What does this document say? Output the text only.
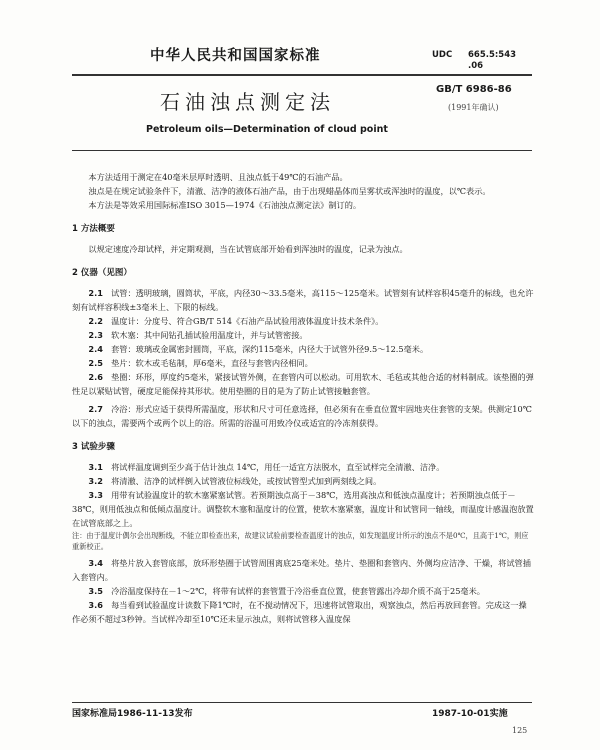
中华人民共和国国家标准	UDC 665.5:543
.06
石油浊点测定法
GB/T 6986-86
(1991年确认)
Petroleum oils—Determination of cloud point

本方法适用于测定在40毫米层厚时透明、且浊点低于49℃的石油产品。

浊点是在规定试验条件下，清澈、洁净的液体石油产品，由于出现蜡晶体而呈雾状或浑浊时的温度，以℃表示。

本方法是等效采用国际标准ISO 3015—1974《石油浊点测定法》制订的。

1 方法概要

以规定速度冷却试样，并定期观测，当在试管底部开始看到浑浊时的温度，记录为浊点。

2 仪器（见图）

2.1　 试管：透明玻璃，圆筒状，平底，内径30～33.5毫米，高115～125毫米。试管刻有试样容积45毫升的标线，也允许刻有试样容积线±3毫米上、下限的标线。

2.2　 温度计：分度号、符合GB/T 514《石油产品试验用液体温度计技术条件》。

2.3　 软木塞：其中间钻孔插试验用温度计，并与试管密接。

2.4　 套管：玻璃或金属密封圆筒，平底，深约115毫米，内径大于试管外径9.5～12.5毫米。

2.5　 垫片：软木或毛毡制，厚6毫米，直径与套管内径相同。

2.6　 垫圈：环形，厚度约5毫米，紧接试管外侧，在套管内可以松动。可用软木、毛毡或其他合适的材料制成。该垫圈的弹性足以紧贴试管，硬度足能保持其形状。使用垫圈的目的是为了防止试管接触套管。

2.7　 冷浴：形式应适于获得所需温度，形状和尺寸可任意选择，但必须有在垂直位置牢固地夹住套管的支架。供测定10℃以下的浊点，需要两个或两个以上的浴。所需的浴温可用致冷仪或适宜的冷冻剂获得。

3 试验步骤

3.1　 将试样温度调到至少高于估计浊点 14℃，用任一适宜方法脱水，直至试样完全清澈、洁净。

3.2　 将清澈、洁净的试样倒入试管液位标线处，或按试管型式加到两刻线之间。

3.3　 用带有试验温度计的软木塞紧塞试管。若预期浊点高于－38℃，选用高浊点和低浊点温度计；若预期浊点低于－38℃，则用低浊点和低倾点温度计。调整软木塞和温度计的位置，使软木塞紧塞，温度计和试管同一轴线，而温度计感温泡放置在试管底部之上。

注：由于温度计偶尔会出现断线，不能立即检查出来，故建议试验前要检查温度计的浊点，如发现温度计所示的浊点不是0℃，且高于1℃，则应重新校正。

3.4　 将垫片放入套管底部，放环形垫圈于试管周围离底25毫米处。垫片、垫圈和套管内、外侧均应洁净、干燥，将试管插入套管内。

3.5　 冷浴温度保持在－1～2℃，将带有试样的套管置于冷浴垂直位置，使套管露出冷却介质不高于25毫米。

3.6　 每当看到试验温度计读数下降1℃时，在不搅动情况下，迅速将试管取出，观察浊点，然后再放回套管。完成这一操作必须不超过3秒钟。当试样冷却至10℃还未显示浊点，则将试管移入温度保

国家标准局1986-11-13发布	1987-10-01实施
125
